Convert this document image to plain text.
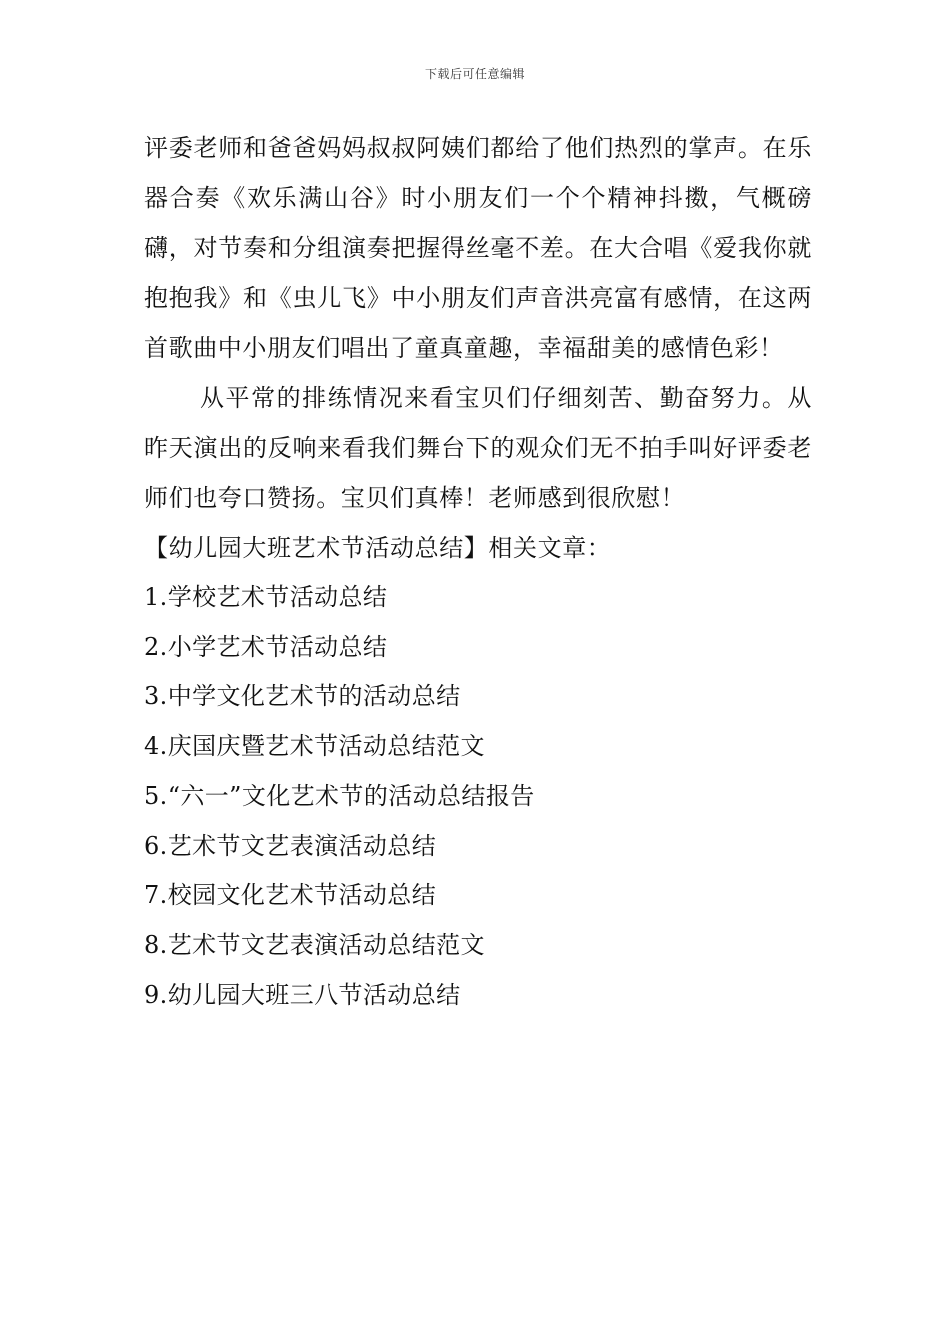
下载后可任意编辑

评委老师和爸爸妈妈叔叔阿姨们都给了他们热烈的掌声。在乐器合奏《欢乐满山谷》时小朋友们一个个精神抖擞，气概磅礴，对节奏和分组演奏把握得丝毫不差。在大合唱《爱我你就抱抱我》和《虫儿飞》中小朋友们声音洪亮富有感情，在这两首歌曲中小朋友们唱出了童真童趣，幸福甜美的感情色彩！

从平常的排练情况来看宝贝们仔细刻苦、勤奋努力。从昨天演出的反响来看我们舞台下的观众们无不拍手叫好评委老师们也夸口赞扬。宝贝们真棒！老师感到很欣慰！

【幼儿园大班艺术节活动总结】相关文章：

1.学校艺术节活动总结
2.小学艺术节活动总结
3.中学文化艺术节的活动总结
4.庆国庆暨艺术节活动总结范文
5.“六一”文化艺术节的活动总结报告
6.艺术节文艺表演活动总结
7.校园文化艺术节活动总结
8.艺术节文艺表演活动总结范文
9.幼儿园大班三八节活动总结
